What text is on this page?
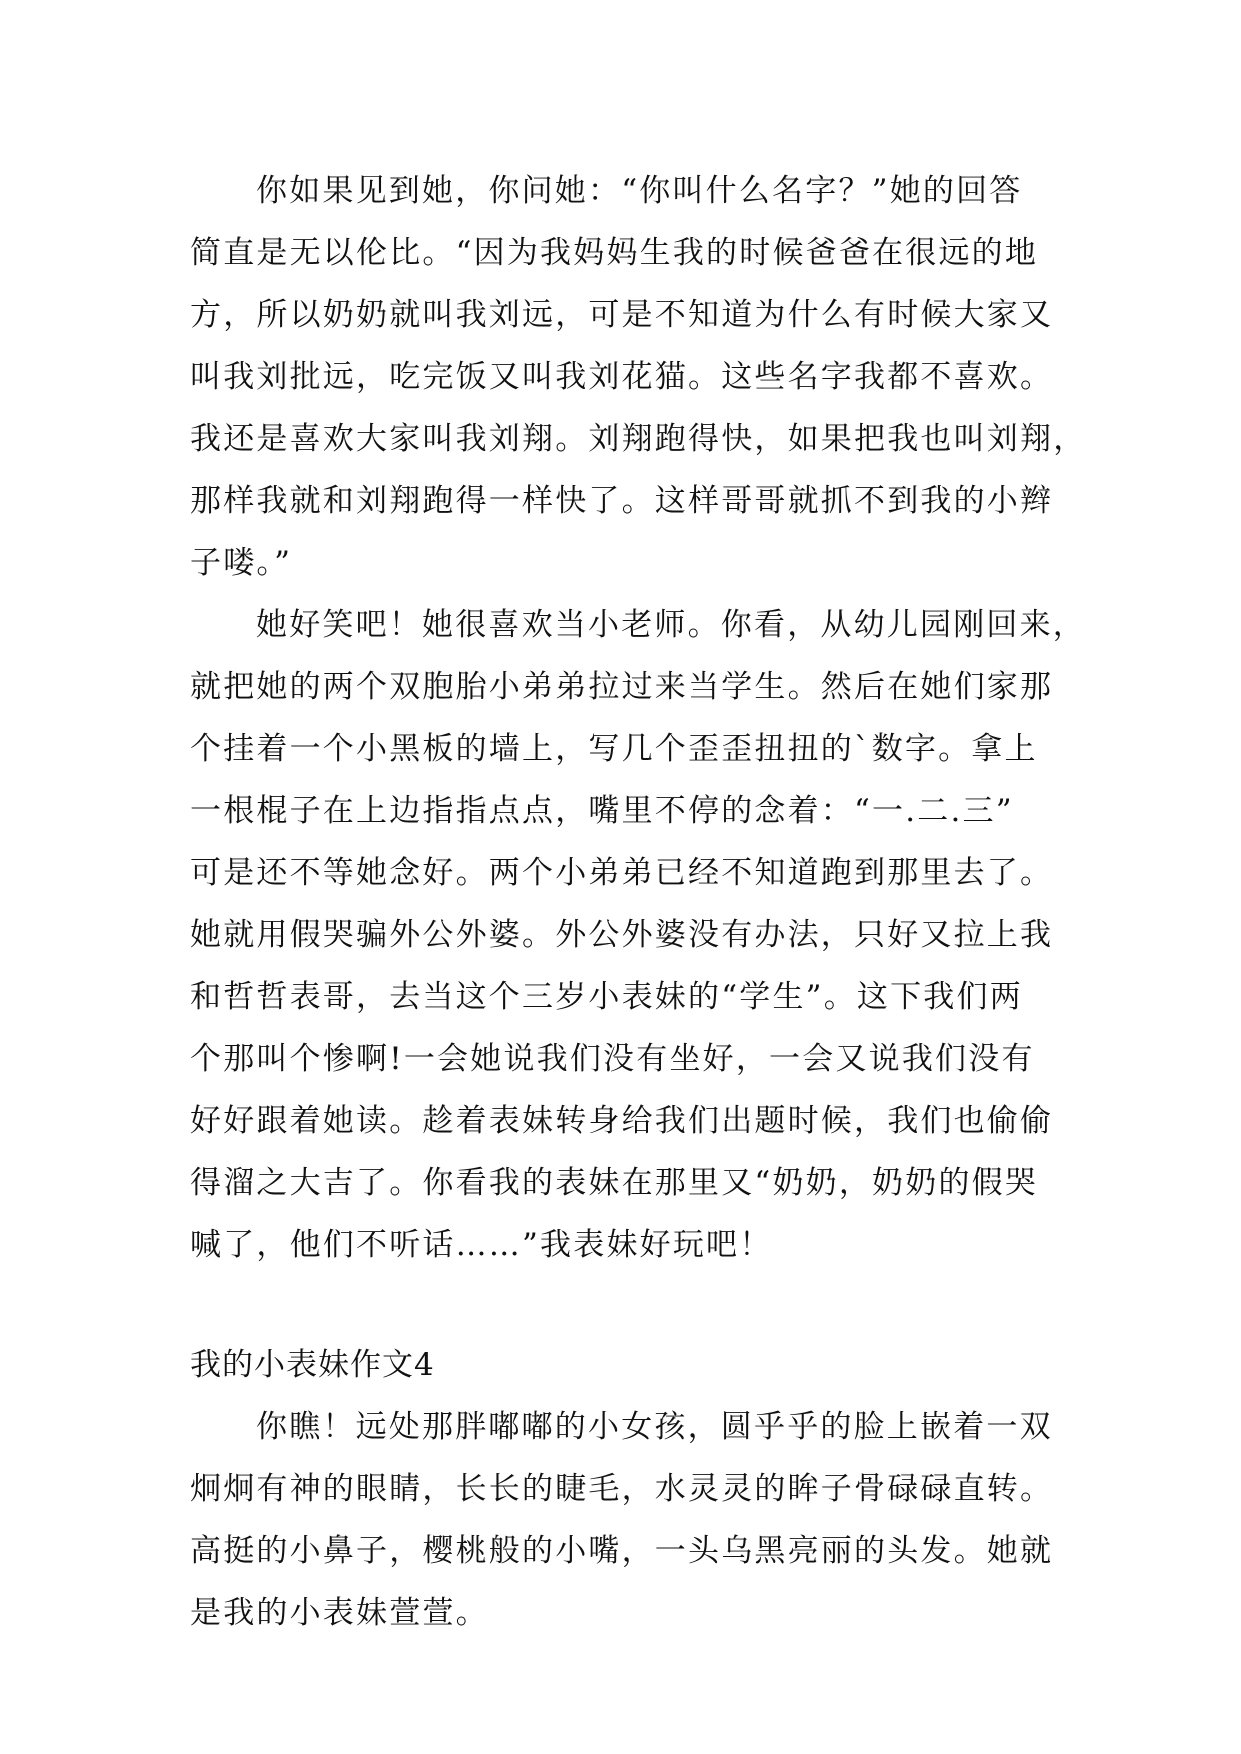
你如果见到她，你问她：“你叫什么名字？”她的回答
简直是无以伦比。“因为我妈妈生我的时候爸爸在很远的地
方，所以奶奶就叫我刘远，可是不知道为什么有时候大家又
叫我刘批远，吃完饭又叫我刘花猫。这些名字我都不喜欢。
我还是喜欢大家叫我刘翔。刘翔跑得快，如果把我也叫刘翔，
那样我就和刘翔跑得一样快了。这样哥哥就抓不到我的小辫
子喽。”
她好笑吧！她很喜欢当小老师。你看，从幼儿园刚回来，
就把她的两个双胞胎小弟弟拉过来当学生。然后在她们家那
个挂着一个小黑板的墙上，写几个歪歪扭扭的`数字。拿上
一根棍子在上边指指点点，嘴里不停的念着：“一.二.三”
可是还不等她念好。两个小弟弟已经不知道跑到那里去了。
她就用假哭骗外公外婆。外公外婆没有办法，只好又拉上我
和哲哲表哥，去当这个三岁小表妹的“学生”。这下我们两
个那叫个惨啊!一会她说我们没有坐好，一会又说我们没有
好好跟着她读。趁着表妹转身给我们出题时候，我们也偷偷
得溜之大吉了。你看我的表妹在那里又“奶奶，奶奶的假哭
喊了，他们不听话……”我表妹好玩吧！
我的小表妹作文4
你瞧！远处那胖嘟嘟的小女孩，圆乎乎的脸上嵌着一双
炯炯有神的眼睛，长长的睫毛，水灵灵的眸子骨碌碌直转。
高挺的小鼻子，樱桃般的小嘴，一头乌黑亮丽的头发。她就
是我的小表妹萱萱。
